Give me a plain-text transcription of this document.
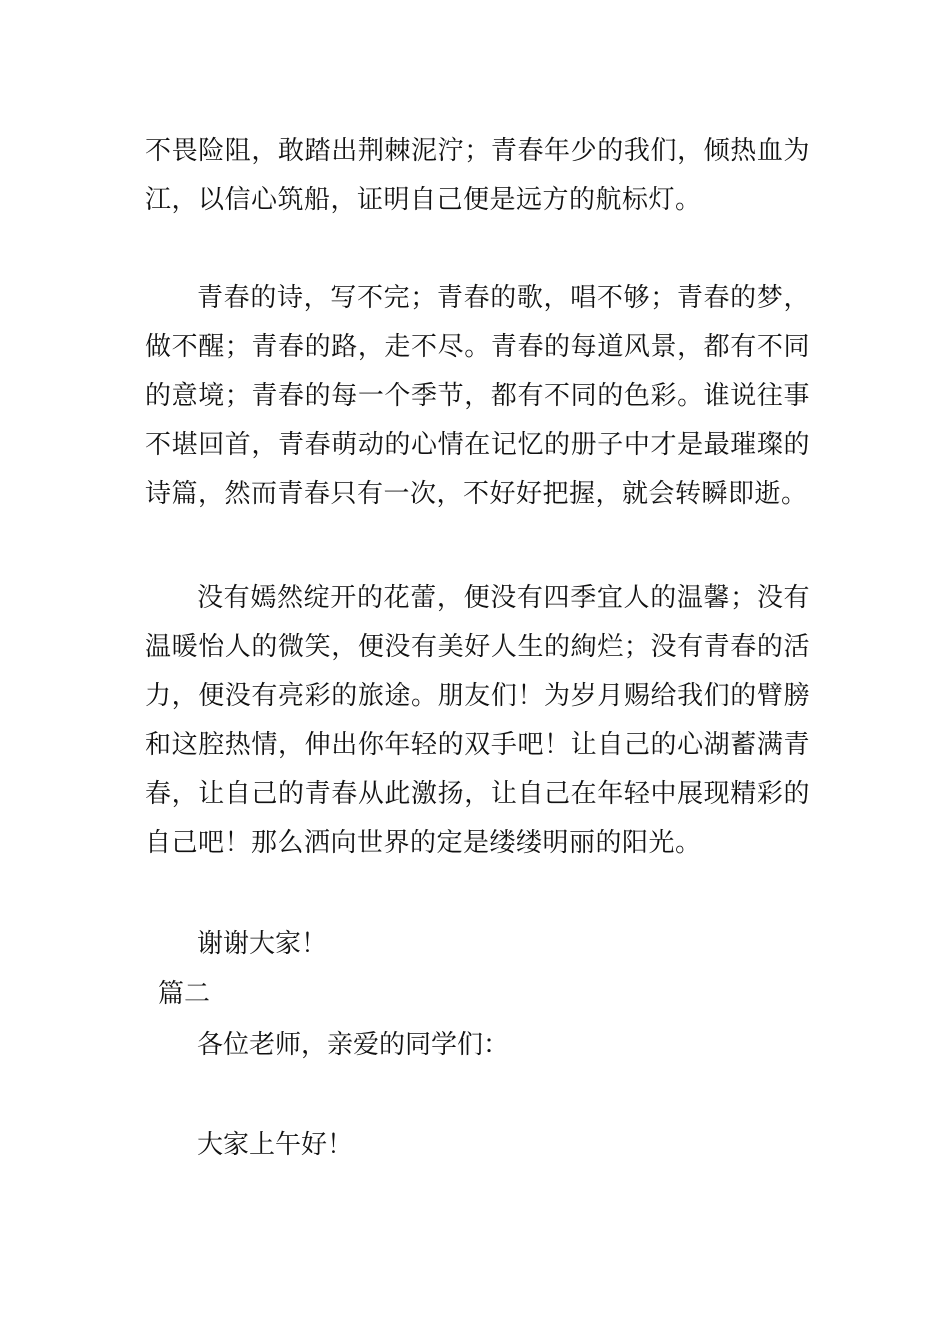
不畏险阻，敢踏出荆棘泥泞；青春年少的我们，倾热血为江，以信心筑船，证明自己便是远方的航标灯。

青春的诗，写不完；青春的歌，唱不够；青春的梦，做不醒；青春的路，走不尽。青春的每道风景，都有不同的意境；青春的每一个季节，都有不同的色彩。谁说往事不堪回首，青春萌动的心情在记忆的册子中才是最璀璨的诗篇，然而青春只有一次，不好好把握，就会转瞬即逝。

没有嫣然绽开的花蕾，便没有四季宜人的温馨；没有温暖怡人的微笑，便没有美好人生的絢烂；没有青春的活力，便没有亮彩的旅途。朋友们！为岁月赐给我们的臂膀和这腔热情，伸出你年轻的双手吧！让自己的心湖蓄满青春，让自己的青春从此激扬，让自己在年轻中展现精彩的自己吧！那么洒向世界的定是缕缕明丽的阳光。

谢谢大家！

篇二

各位老师，亲爱的同学们：

大家上午好！
